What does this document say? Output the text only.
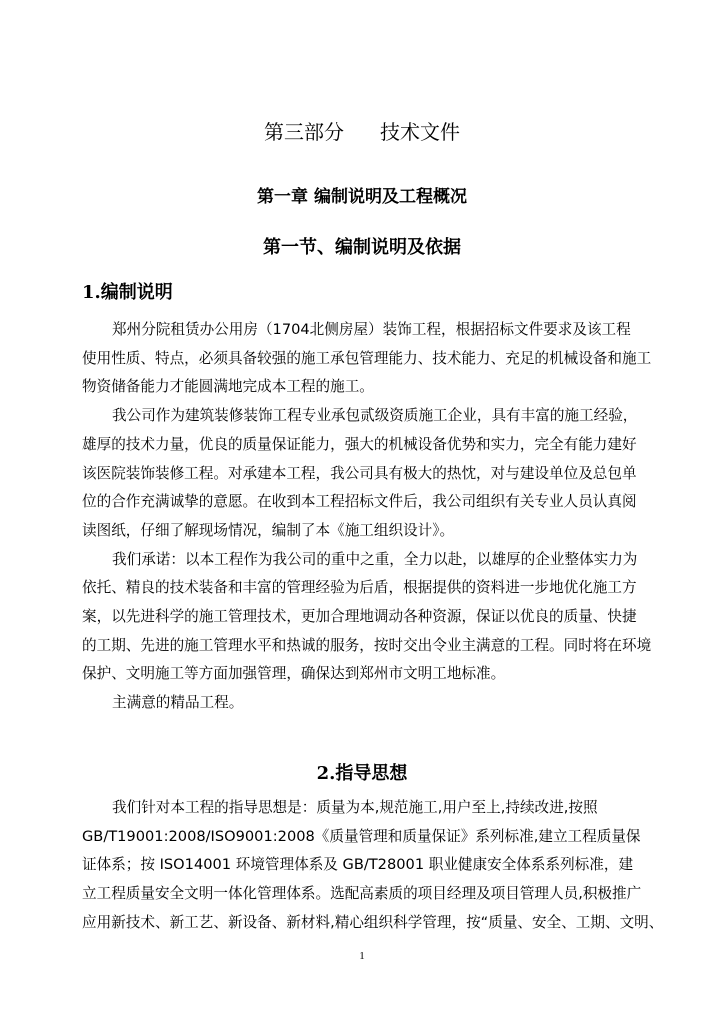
第三部分 技术文件
第一章 编制说明及工程概况
第一节、编制说明及依据
1.编制说明
郑州分院租赁办公用房（1704北侧房屋）装饰工程，根据招标文件要求及该工程
使用性质、特点，必须具备较强的施工承包管理能力、技术能力、充足的机械设备和施工
物资储备能力才能圆满地完成本工程的施工。
我公司作为建筑装修装饰工程专业承包贰级资质施工企业，具有丰富的施工经验，
雄厚的技术力量，优良的质量保证能力，强大的机械设备优势和实力，完全有能力建好
该医院装饰装修工程。对承建本工程，我公司具有极大的热忱，对与建设单位及总包单
位的合作充满诚挚的意愿。在收到本工程招标文件后，我公司组织有关专业人员认真阅
读图纸，仔细了解现场情况，编制了本《施工组织设计》。
我们承诺：以本工程作为我公司的重中之重，全力以赴，以雄厚的企业整体实力为
依托、精良的技术装备和丰富的管理经验为后盾，根据提供的资料进一步地优化施工方
案，以先进科学的施工管理技术，更加合理地调动各种资源，保证以优良的质量、快捷
的工期、先进的施工管理水平和热诚的服务，按时交出令业主满意的工程。同时将在环境
保护、文明施工等方面加强管理，确保达到郑州市文明工地标准。
主满意的精品工程。
2.指导思想
我们针对本工程的指导思想是：质量为本,规范施工,用户至上,持续改进,按照
GB/T19001:2008/ISO9001:2008《质量管理和质量保证》系列标准,建立工程质量保
证体系；按 ISO14001 环境管理体系及 GB/T28001 职业健康安全体系系列标准，建
立工程质量安全文明一体化管理体系。选配高素质的项目经理及项目管理人员,积极推广
应用新技术、新工艺、新设备、新材料,精心组织科学管理，按“质量、安全、工期、文明、
1
